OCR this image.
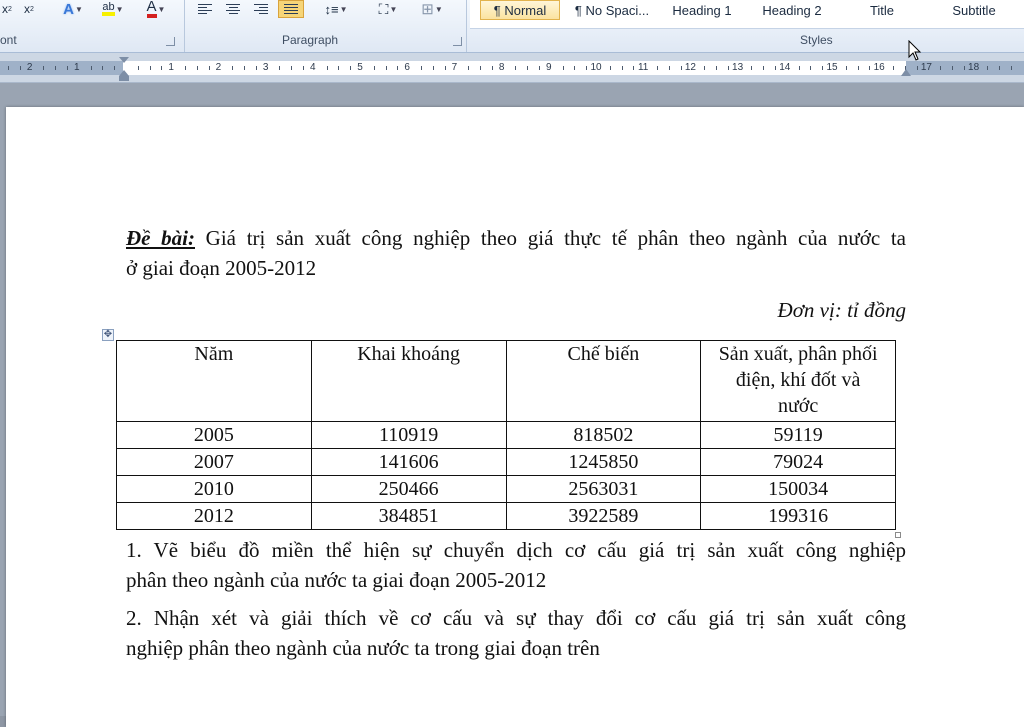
x 2	x 2 A ▼ ab ▼ A ▼
ont
↕≡ ▼ ⛶ ▼ ⊞ ▼
Paragraph
¶ Normal	¶ No Spaci...	Heading 1	Heading 2	Title	Subtitle
Styles
2	1	1	2	3	4	5	6	7	8	9	10	11	12	13	14	15	16	17	18
Đề bài: Giá trị sản xuất công nghiệp theo giá thực tế phân theo ngành của nước ta
ở giai đoạn 2005-2012
Đơn vị: tỉ đồng
✥
Năm	Khai khoáng	Chế biến	Sản xuất, phân phối điện, khí đốt và nước
2005	110919	818502	59119
2007	141606	1245850	79024
2010	250466	2563031	150034
2012	384851	3922589	199316
1. Vẽ biểu đồ miền thể hiện sự chuyển dịch cơ cấu giá trị sản xuất công nghiệp
phân theo ngành của nước ta giai đoạn 2005-2012
2. Nhận xét và giải thích về cơ cấu và sự thay đổi cơ cấu giá trị sản xuất công
nghiệp phân theo ngành của nước ta trong giai đoạn trên
